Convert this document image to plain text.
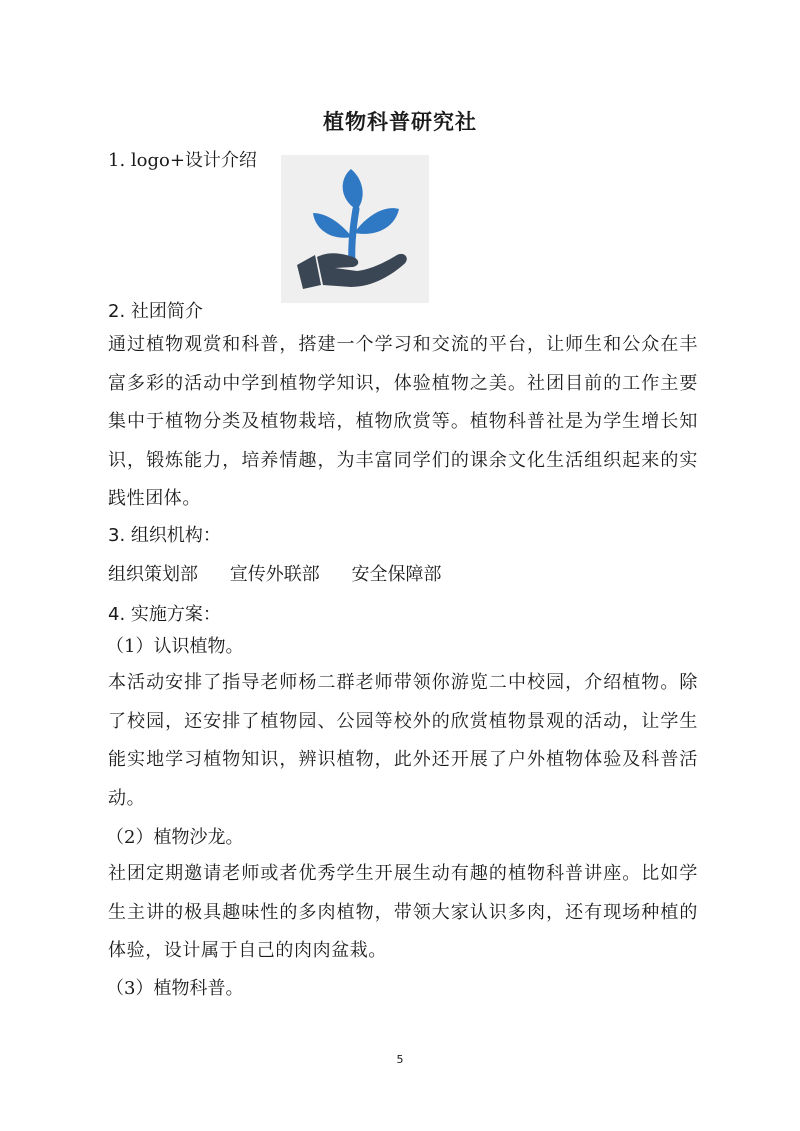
植物科普研究社
1. logo+设计介绍
2. 社团简介
通过植物观赏和科普，搭建一个学习和交流的平台，让师生和公众在丰富多彩的活动中学到植物学知识，体验植物之美。社团目前的工作主要集中于植物分类及植物栽培，植物欣赏等。植物科普社是为学生增长知识，锻炼能力，培养情趣，为丰富同学们的课余文化生活组织起来的实践性团体。
3. 组织机构：
组织策划部 宣传外联部 安全保障部
4. 实施方案：
（1）认识植物。
本活动安排了指导老师杨二群老师带领你游览二中校园，介绍植物。除了校园，还安排了植物园、公园等校外的欣赏植物景观的活动，让学生能实地学习植物知识，辨识植物，此外还开展了户外植物体验及科普活动。
（2）植物沙龙。
社团定期邀请老师或者优秀学生开展生动有趣的植物科普讲座。比如学生主讲的极具趣味性的多肉植物，带领大家认识多肉，还有现场种植的体验，设计属于自己的肉肉盆栽。
（3）植物科普。
5
